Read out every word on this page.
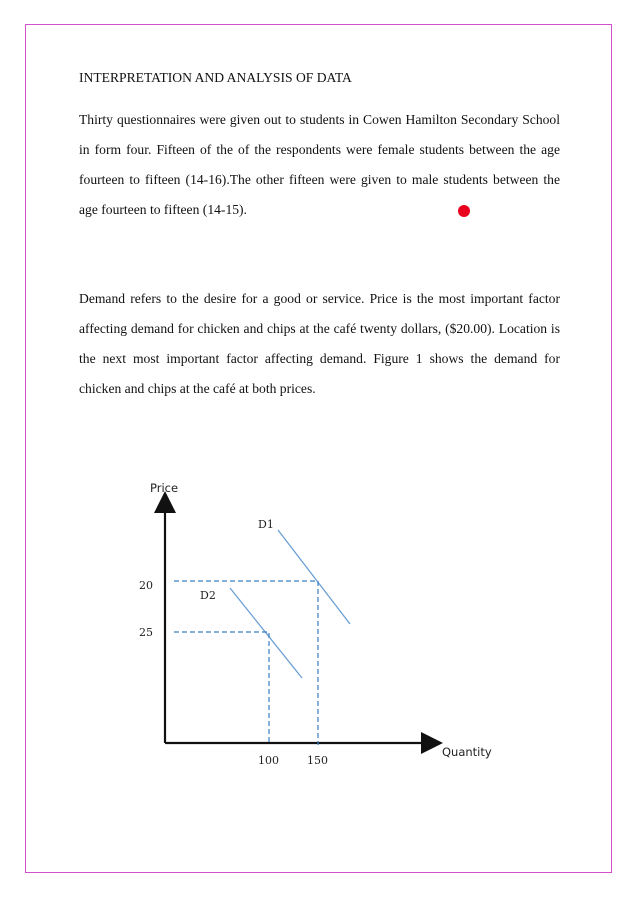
INTERPRETATION AND ANALYSIS OF DATA
Thirty questionnaires were given out to students in Cowen Hamilton Secondary School in form four. Fifteen of the of the respondents were female students between the age fourteen to fifteen (14-16).The other fifteen were given to male students between the age fourteen to fifteen (14-15).
Demand refers to the desire for a good or service. Price is the most important factor affecting demand for chicken and chips at the café twenty dollars, ($20.00). Location is the next most important factor affecting demand. Figure 1 shows the demand for chicken and chips at the café at both prices.
Price
Quantity
D1
D2
20
25
100	150
